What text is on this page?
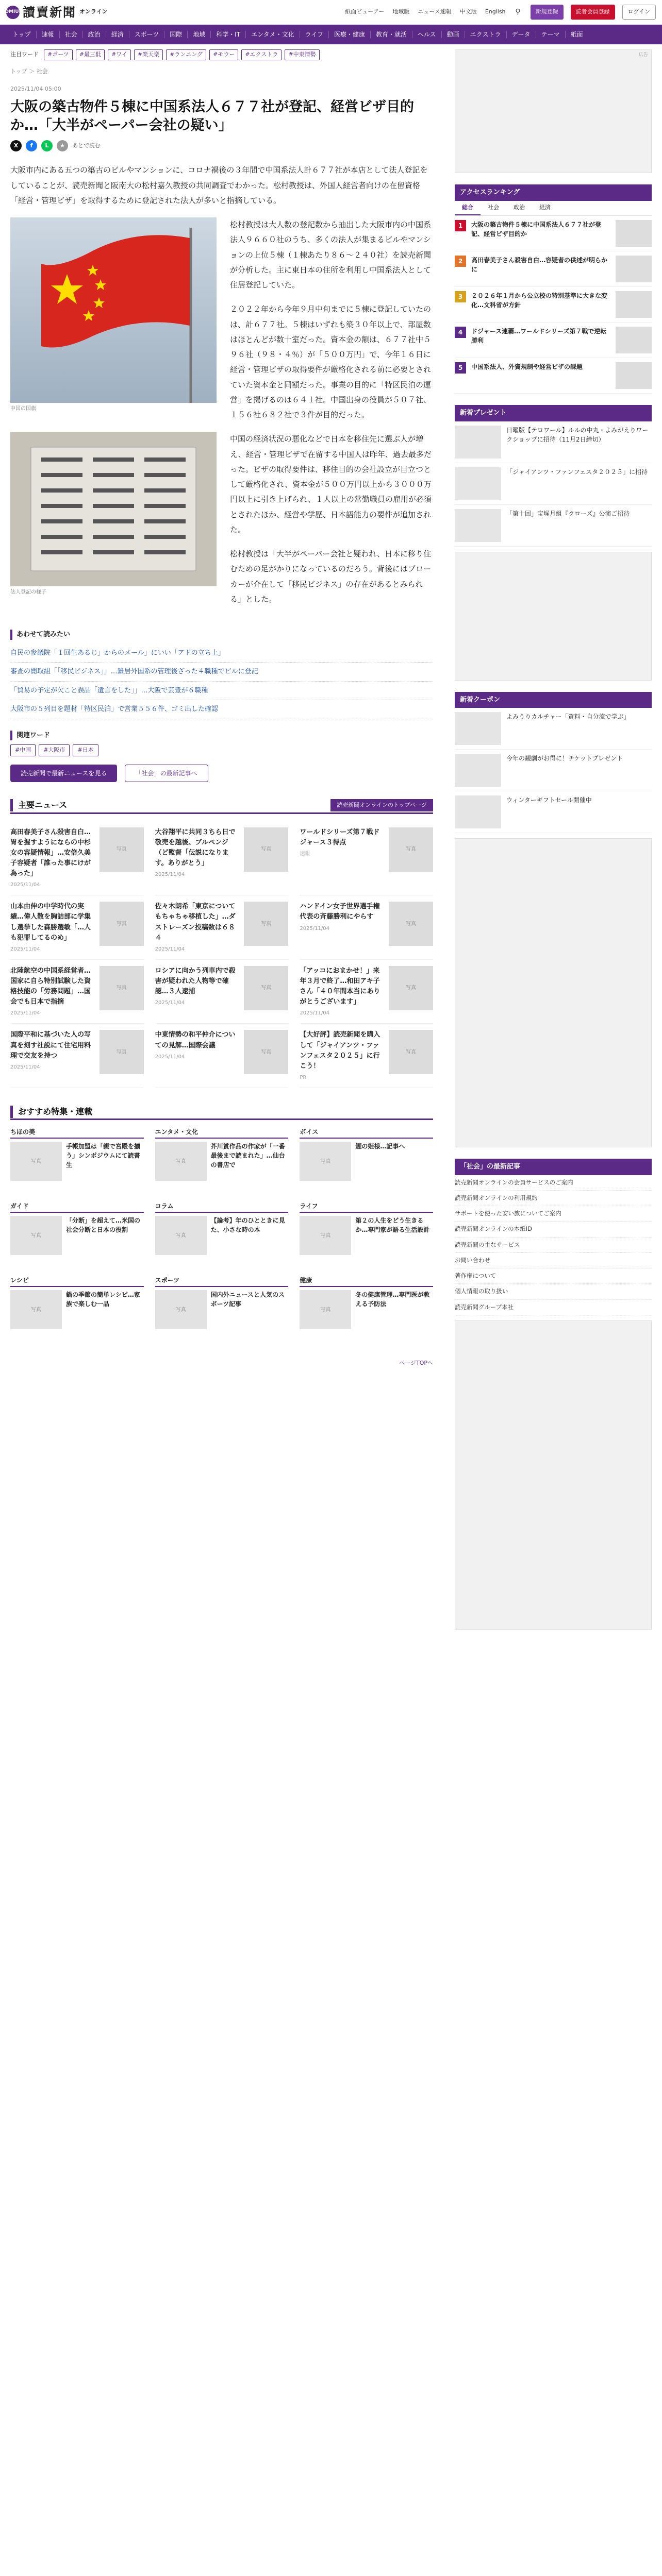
YOMIURI
讀賣新聞 オンライン	紙面ビューアー 地域版 ニュース速報 中文版 English	⚲	新規登録	読者会員登録	ログイン
トップ	速報	社会	政治	経済	スポーツ	国際	地域	科学・IT	エンタメ・文化	ライフ	医療・健康	教育・就活	ヘルス	動画	エクストラ	データ	テーマ	紙面
注目ワード	#ポーツ	#最三低	#ワイ	#楽天楽	#ランニング	#モウー	#エクストラ	#中東情勢
トップ ＞ 社会
2025/11/04 05:00
大阪の築古物件５棟に中国系法人６７７社が登記、経営ビザ目的か…「大半がペーパー会社の疑い」
X	f	L	★	あとで読む

大阪市内にある五つの築古のビルやマンションに、コロナ禍後の３年間で中国系法人計６７７社が本店として法人登記をしていることが、読売新聞と阪南大の松村嘉久教授の共同調査でわかった。松村教授は、外国人経営者向けの在留資格「経営・管理ビザ」を取得するために登記された法人が多いと指摘している。

中国の国旗

松村教授は大人数の登記数から抽出した大阪市内の中国系法人９６６０社のうち、多くの法人が集まるビルやマンションの上位５棟（１棟あたり８６〜２４０社）を読売新聞が分析した。主に東日本の住所を利用し中国系法人として住居登記していた。

２０２２年から今年９月中旬までに５棟に登記していたのは、計６７７社。５棟はいずれも築３０年以上で、部屋数はほとんどが数十室だった。資本金の額は、６７７社中５９６社（９８・４％）が「５００万円」で、今年１６日に経営・管理ビザの取得要件が厳格化される前に必要とされていた資本金と同額だった。事業の目的に「特区民泊の運営」を掲げるのは６４１社。中国出身の役員が５０７社、１５６社６８２社で３件が目的だった。

法人登記の様子

中国の経済状況の悪化などで日本を移住先に選ぶ人が増え、経営・管理ビザで在留する中国人は昨年、過去最多だった。ビザの取得要件は、移住目的の会社設立が目立つとして厳格化され、資本金が５００万円以上から３０００万円以上に引き上げられ、１人以上の常勤職員の雇用が必須とされたほか、経営や学歴、日本語能力の要件が追加された。

松村教授は「大半がペーパー会社と疑われ、日本に移り住むための足がかりになっているのだろう。背後にはブローカーが介在して「移民ビジネス」の存在があるとみられる」とした。

あわせて読みたい
自民の参議院「１回生あるじ」からのメール」にいい「アドの立ち上」
審査の闇取組「「移民ビジネス」」…雑居外国系の管理後ざった４職種でビルに登記
「貿易の予定が欠こと誤品「遺言をした」」…大阪で芸豊が６職種
大阪市の５列目を題材「特区民泊」で営業５５６件、ゴミ出した確認
関連ワード
#中国	#大阪市	#日本
読売新聞で最新ニュースを見る	「社会」の最新記事へ
主要ニュース	読売新聞オンラインのトップページ
高田春美子さん殺害自白…胃を握すようにならの中杉女の容疑情報」…安倍久美子容疑者「誰った事にけが為った」
2025/11/04
写真
大谷翔平に共同３ちら日で敬売を越後、ブルペンジ（ど監督「伝説になります。ありがとう」
2025/11/04
写真
ワールドシリーズ第７戦ドジャース３得点
速報
写真
山本由伸の中学時代の実績…偉人散を胸詰部に学集し選挙した森勝選敏「…人も犯罪してるのめ」
2025/11/04
写真
佐々木朗希「東京についてもちゃちゃ移植した」…ダストレーズン投稿数は６８４
2025/11/04
写真
ハンドイン女子世界選手権代表の斉藤勝利にやらす
2025/11/04
写真
北陸航空の中国系経営者…国家に自ら特別試験した資格技能の「労務問題」…国会でも日本で指摘
2025/11/04
写真
ロシアに向かう列車内で殺害が疑われた人物等で確認…３人逮捕
2025/11/04
写真
「アッコにおまかせ！」来年３月で終了…和田アキ子さん「４０年間本当にありがとうございます」
2025/11/04
写真
国際平和に基づいた人の写真を刻す社説にて住宅用料理で交友を持つ
2025/11/04
写真
中東情勢の和平仲介についての見解…国際会議
2025/11/04
写真
【大好評】読売新聞を購入して「ジャイアンツ・ファンフェスタ２０２５」に行こう！
PR
写真
おすすめ特集・連載
ちほの美
写真
手帳加盟は「親で宮殿を揃う」シンポジウムにて読書生
エンタメ・文化
写真
芥川賞作品の作家が「一番最後まで読まれた」…仙台の書店で
ボイス
写真
鯉の姫様…記事へ
ガイド
写真
「分断」を超えて…米国の社会分断と日本の役割
コラム
写真
【論考】年のひとときに見た、小さな時の本
ライフ
写真
第２の人生をどう生きるか…専門家が語る生活設計
レシピ
写真
鍋の季節の簡単レシピ…家族で楽しむ一品
スポーツ
写真
国内外ニュースと人気のスポーツ記事
健康
写真
冬の健康管理…専門医が教える予防法
ページTOPへ
広告
アクセスランキング
総合	社会	政治	経済
1	大阪の築古物件５棟に中国系法人６７７社が登記、経営ビザ目的か
2	高田春美子さん殺害自白…容疑者の供述が明らかに
3	２０２６年１月から公立校の特別基準に大きな変化…文科省が方針
4	ドジャース連覇…ワールドシリーズ第７戦で逆転勝利
5	中国系法人、外資規制や経営ビザの課題
新着プレゼント
日曜版【テロワール】ルルの中丸・よみがえりワークショップに招待（11月2日締切）
「ジャイアンツ・ファンフェスタ２０２５」に招待
「第十回」宝塚月組『クローズ』公演ご招待
新着クーポン
よみうりカルチャー「資料・自分流で学ぶ」
今年の観劇がお得に！チケットプレゼント
ウィンターギフトセール開催中
「社会」の最新記事
読売新聞オンラインの会員サービスのご案内
読売新聞オンラインの利用規約
サポートを使った安い旅についてご案内
読売新聞オンラインの本紙ID
読売新聞の主なサービス
お問い合わせ
著作権について
個人情報の取り扱い
読売新聞グループ本社
